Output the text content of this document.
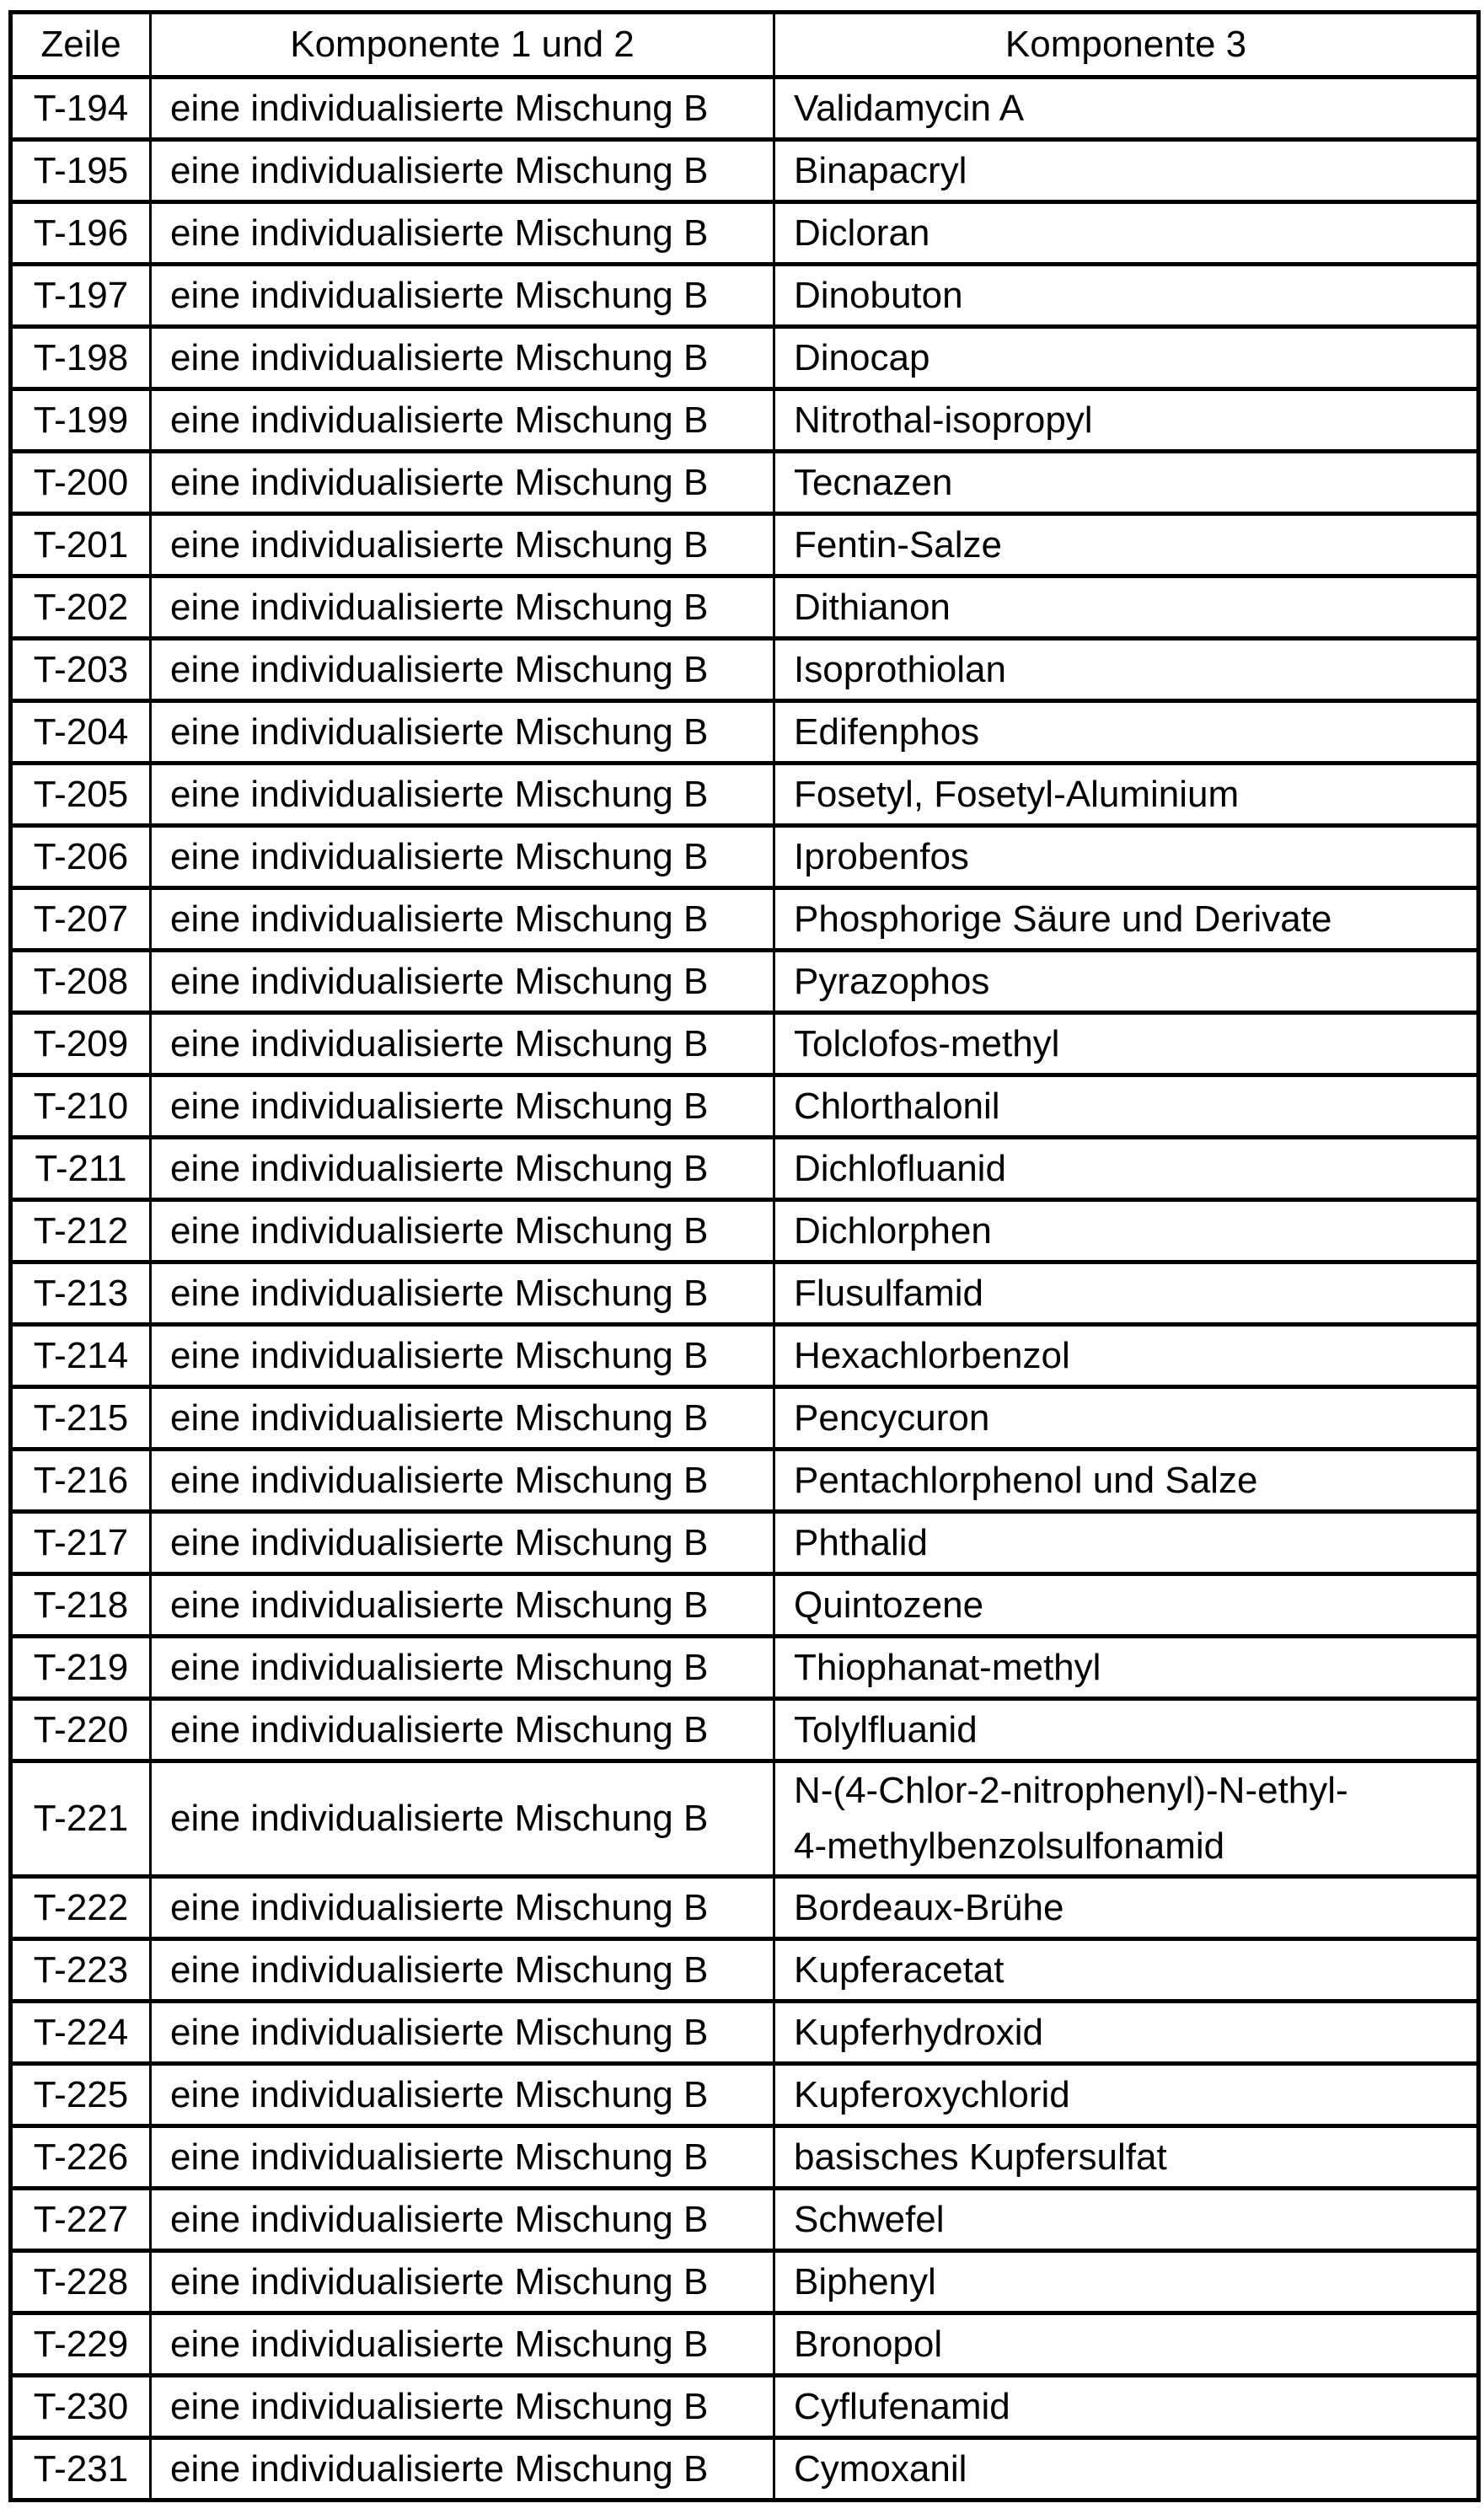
Zeile	Komponente 1 und 2	Komponente 3
T-194	eine individualisierte Mischung B	Validamycin A
T-195	eine individualisierte Mischung B	Binapacryl
T-196	eine individualisierte Mischung B	Dicloran
T-197	eine individualisierte Mischung B	Dinobuton
T-198	eine individualisierte Mischung B	Dinocap
T-199	eine individualisierte Mischung B	Nitrothal-isopropyl
T-200	eine individualisierte Mischung B	Tecnazen
T-201	eine individualisierte Mischung B	Fentin-Salze
T-202	eine individualisierte Mischung B	Dithianon
T-203	eine individualisierte Mischung B	Isoprothiolan
T-204	eine individualisierte Mischung B	Edifenphos
T-205	eine individualisierte Mischung B	Fosetyl, Fosetyl-Aluminium
T-206	eine individualisierte Mischung B	Iprobenfos
T-207	eine individualisierte Mischung B	Phosphorige Säure und Derivate
T-208	eine individualisierte Mischung B	Pyrazophos
T-209	eine individualisierte Mischung B	Tolclofos-methyl
T-210	eine individualisierte Mischung B	Chlorthalonil
T-211	eine individualisierte Mischung B	Dichlofluanid
T-212	eine individualisierte Mischung B	Dichlorphen
T-213	eine individualisierte Mischung B	Flusulfamid
T-214	eine individualisierte Mischung B	Hexachlorbenzol
T-215	eine individualisierte Mischung B	Pencycuron
T-216	eine individualisierte Mischung B	Pentachlorphenol und Salze
T-217	eine individualisierte Mischung B	Phthalid
T-218	eine individualisierte Mischung B	Quintozene
T-219	eine individualisierte Mischung B	Thiophanat-methyl
T-220	eine individualisierte Mischung B	Tolylfluanid
T-221	eine individualisierte Mischung B	N-(4-Chlor-2-nitrophenyl)-N-ethyl-
4-methylbenzolsulfonamid
T-222	eine individualisierte Mischung B	Bordeaux-Brühe
T-223	eine individualisierte Mischung B	Kupferacetat
T-224	eine individualisierte Mischung B	Kupferhydroxid
T-225	eine individualisierte Mischung B	Kupferoxychlorid
T-226	eine individualisierte Mischung B	basisches Kupfersulfat
T-227	eine individualisierte Mischung B	Schwefel
T-228	eine individualisierte Mischung B	Biphenyl
T-229	eine individualisierte Mischung B	Bronopol
T-230	eine individualisierte Mischung B	Cyflufenamid
T-231	eine individualisierte Mischung B	Cymoxanil
